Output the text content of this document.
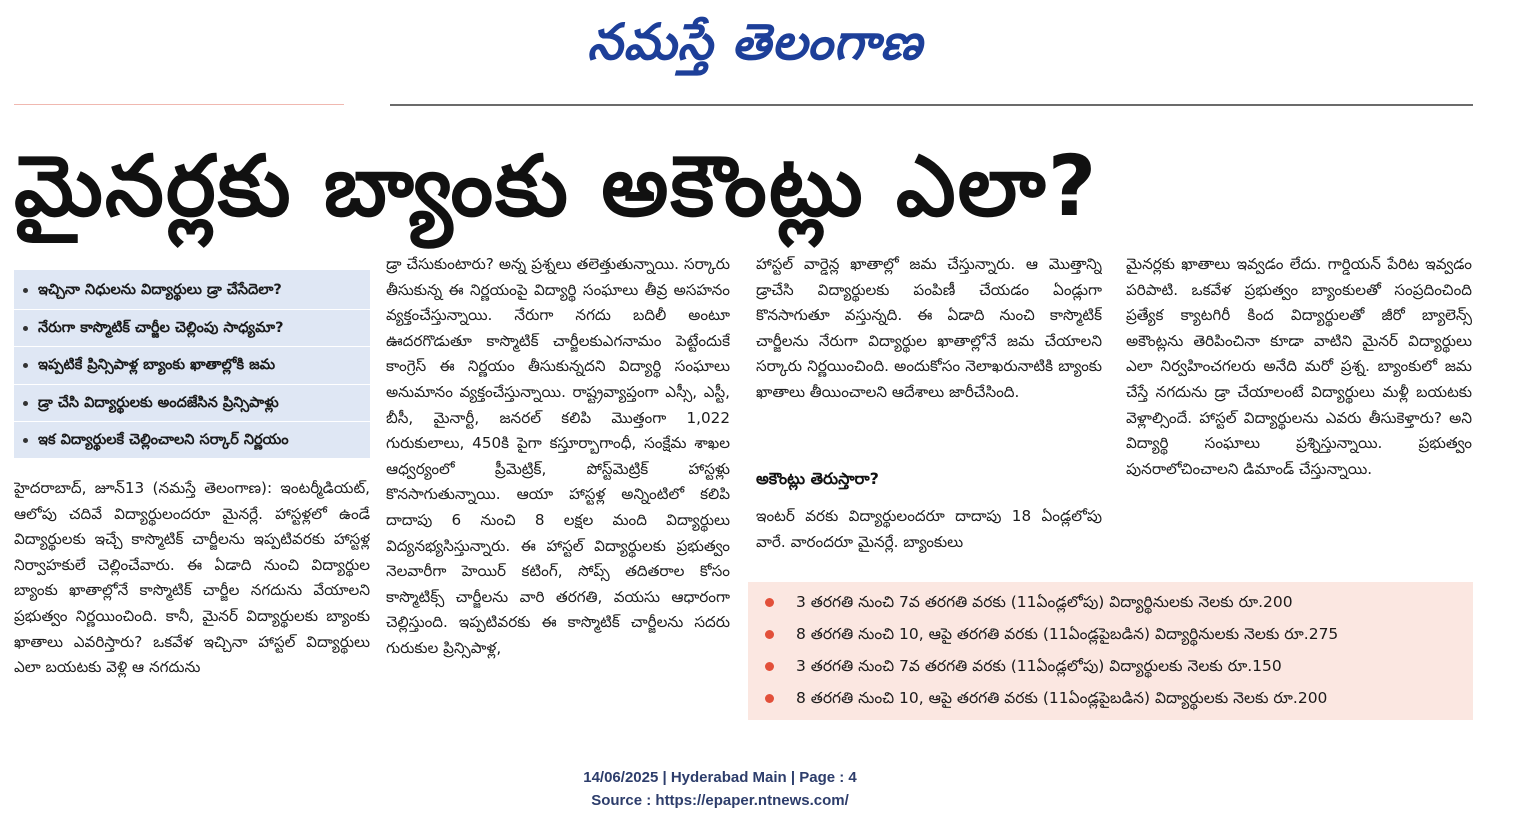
నమస్తే తెలంగాణ
మైనర్లకు బ్యాంకు అకౌంట్లు ఎలా?
ఇచ్చినా నిధులను విద్యార్థులు డ్రా చేసేదెలా?
నేరుగా కాస్మొటిక్ చార్జీల చెల్లింపు సాధ్యమా?
ఇప్పటికే ప్రిన్సిపాళ్ల బ్యాంకు ఖాతాల్లోకి జమ
డ్రా చేసి విద్యార్థులకు అందజేసిన ప్రిన్సిపాళ్లు
ఇక విద్యార్థులకే చెల్లించాలని సర్కార్ నిర్ణయం

హైదరాబాద్, జూన్13 (నమస్తే తెలంగాణ): ఇంటర్మీడియట్, ఆలోపు చదివే విద్యార్థులందరూ మైనర్లే. హాస్టళ్లలో ఉండే విద్యార్థులకు ఇచ్చే కాస్మొటిక్ చార్జీలను ఇప్పటివరకు హాస్టళ్ల నిర్వాహకులే చెల్లించేవారు. ఈ ఏడాది నుంచి విద్యార్థుల బ్యాంకు ఖాతాల్లోనే కాస్మొటిక్ చార్జీల నగదును వేయాలని ప్రభుత్వం నిర్ణయించింది. కానీ, మైనర్ విద్యార్థులకు బ్యాంకు ఖాతాలు ఎవరిస్తారు? ఒకవేళ ఇచ్చినా హాస్టల్ విద్యార్థులు ఎలా బయటకు వెళ్లి ఆ నగదును

డ్రా చేసుకుంటారు? అన్న ప్రశ్నలు తలెత్తుతున్నాయి. సర్కారు తీసుకున్న ఈ నిర్ణయంపై విద్యార్థి సంఘాలు తీవ్ర అసహనం వ్యక్తంచేస్తున్నాయి. నేరుగా నగదు బదిలీ అంటూ ఊదరగొడుతూ కాస్మొటిక్ చార్జీలకుఎగనామం పెట్టేందుకే కాంగ్రెస్ ఈ నిర్ణయం తీసుకున్నదని విద్యార్థి సంఘాలు అనుమానం వ్యక్తంచేస్తున్నాయి. రాష్ట్రవ్యాప్తంగా ఎస్సీ, ఎస్టీ, బీసీ, మైనార్టీ, జనరల్ కలిపి మొత్తంగా 1,022 గురుకులాలు, 450కి పైగా కస్తూర్బాగాంధీ, సంక్షేమ శాఖల ఆధ్వర్యంలో ప్రీమెట్రిక్, పోస్ట్‌మెట్రిక్ హాస్టళ్లు కొనసాగుతున్నాయి. ఆయా హాస్టళ్ల అన్నింటిలో కలిపి దాదాపు 6 నుంచి 8 లక్షల మంది విద్యార్థులు విద్యనభ్యసిస్తున్నారు. ఈ హాస్టల్ విద్యార్థులకు ప్రభుత్వం నెలవారీగా హెయిర్ కటింగ్, సోప్స్ తదితరాల కోసం కాస్మొటిక్స్ చార్జీలను వారి తరగతి, వయసు ఆధారంగా చెల్లిస్తుంది. ఇప్పటివరకు ఈ కాస్మొటిక్ చార్జీలను సదరు గురుకుల ప్రిన్సిపాళ్ల,

హాస్టల్ వార్డెన్ల ఖాతాల్లో జమ చేస్తున్నారు. ఆ మొత్తాన్ని డ్రాచేసి విద్యార్థులకు పంపిణీ చేయడం ఏండ్లుగా కొనసాగుతూ వస్తున్నది. ఈ ఏడాది నుంచి కాస్మొటిక్ చార్జీలను నేరుగా విద్యార్థుల ఖాతాల్లోనే జమ చేయాలని సర్కారు నిర్ణయించింది. అందుకోసం నెలాఖరునాటికి బ్యాంకు ఖాతాలు తీయించాలని ఆదేశాలు జారీచేసింది.

అకౌంట్లు తెరుస్తారా?

ఇంటర్ వరకు విద్యార్థులందరూ దాదాపు 18 ఏండ్లలోపు వారే. వారందరూ మైనర్లే. బ్యాంకులు

మైనర్లకు ఖాతాలు ఇవ్వడం లేదు. గార్డియన్ పేరిట ఇవ్వడం పరిపాటి. ఒకవేళ ప్రభుత్వం బ్యాంకులతో సంప్రదించింది ప్రత్యేక క్యాటగిరీ కింద విద్యార్థులతో జీరో బ్యాలెన్స్ అకౌంట్లను తెరిపించినా కూడా వాటిని మైనర్ విద్యార్థులు ఎలా నిర్వహించగలరు అనేది మరో ప్రశ్న. బ్యాంకులో జమ చేస్తే నగదును డ్రా చేయాలంటే విద్యార్థులు మళ్లీ బయటకు వెళ్లాల్సిందే. హాస్టల్ విద్యార్థులను ఎవరు తీసుకెళ్తారు? అని విద్యార్థి సంఘాలు ప్రశ్నిస్తున్నాయి. ప్రభుత్వం పునరాలోచించాలని డిమాండ్ చేస్తున్నాయి.

3 తరగతి నుంచి 7వ తరగతి వరకు (11ఏండ్లలోపు) విద్యార్థినులకు నెలకు రూ.200
8 తరగతి నుంచి 10, ఆపై తరగతి వరకు (11ఏండ్లపైబడిన) విద్యార్థినులకు నెలకు రూ.275
3 తరగతి నుంచి 7వ తరగతి వరకు (11ఏండ్లలోపు) విద్యార్థులకు నెలకు రూ.150
8 తరగతి నుంచి 10, ఆపై తరగతి వరకు (11ఏండ్లపైబడిన) విద్యార్థులకు నెలకు రూ.200
14/06/2025 | Hyderabad Main | Page : 4
Source : https://epaper.ntnews.com/
